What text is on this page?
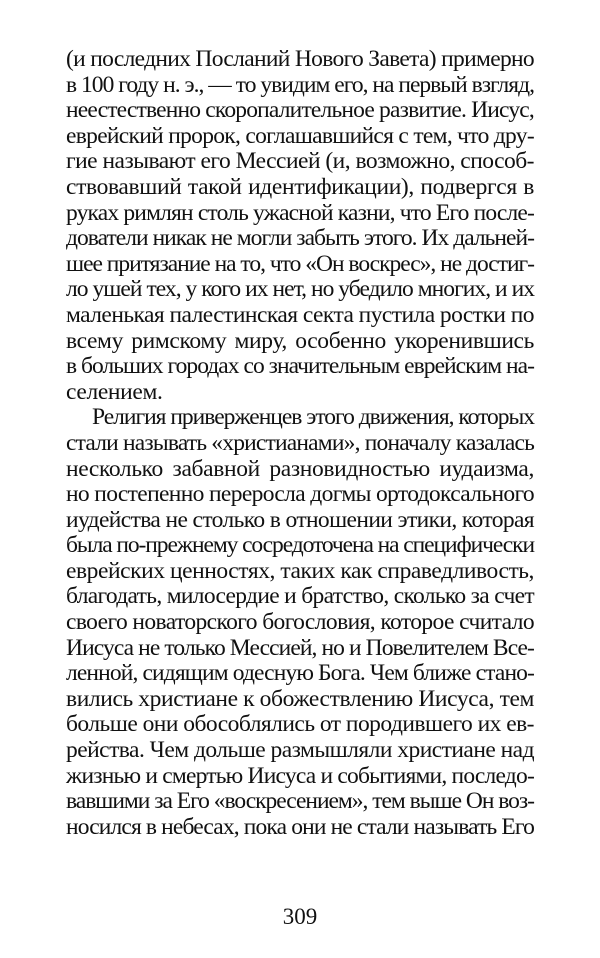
(и последних Посланий Нового Завета) примерно
в 100 году н. э., — то увидим его, на первый взгляд,
неестественно скоропалительное развитие. Иисус,
еврейский пророк, соглашавшийся с тем, что дру-
гие называют его Мессией (и, возможно, способ-
ствовавший такой идентификации), подвергся в
руках римлян столь ужасной казни, что Его после-
дователи никак не могли забыть этого. Их дальней-
шее притязание на то, что «Он воскрес», не достиг-
ло ушей тех, у кого их нет, но убедило многих, и их
маленькая палестинская секта пустила ростки по
всему римскому миру, особенно укоренившись
в больших городах со значительным еврейским на-
селением.
Религия приверженцев этого движения, которых
стали называть «христианами», поначалу казалась
несколько забавной разновидностью иудаизма,
но постепенно переросла догмы ортодоксального
иудейства не столько в отношении этики, которая
была по-прежнему сосредоточена на специфически
еврейских ценностях, таких как справедливость,
благодать, милосердие и братство, сколько за счет
своего новаторского богословия, которое считало
Иисуса не только Мессией, но и Повелителем Все-
ленной, сидящим одесную Бога. Чем ближе стано-
вились христиане к обожествлению Иисуса, тем
больше они обособлялись от породившего их ев-
рейства. Чем дольше размышляли христиане над
жизнью и смертью Иисуса и событиями, последо-
вавшими за Его «воскресением», тем выше Он воз-
носился в небесах, пока они не стали называть Его
309
